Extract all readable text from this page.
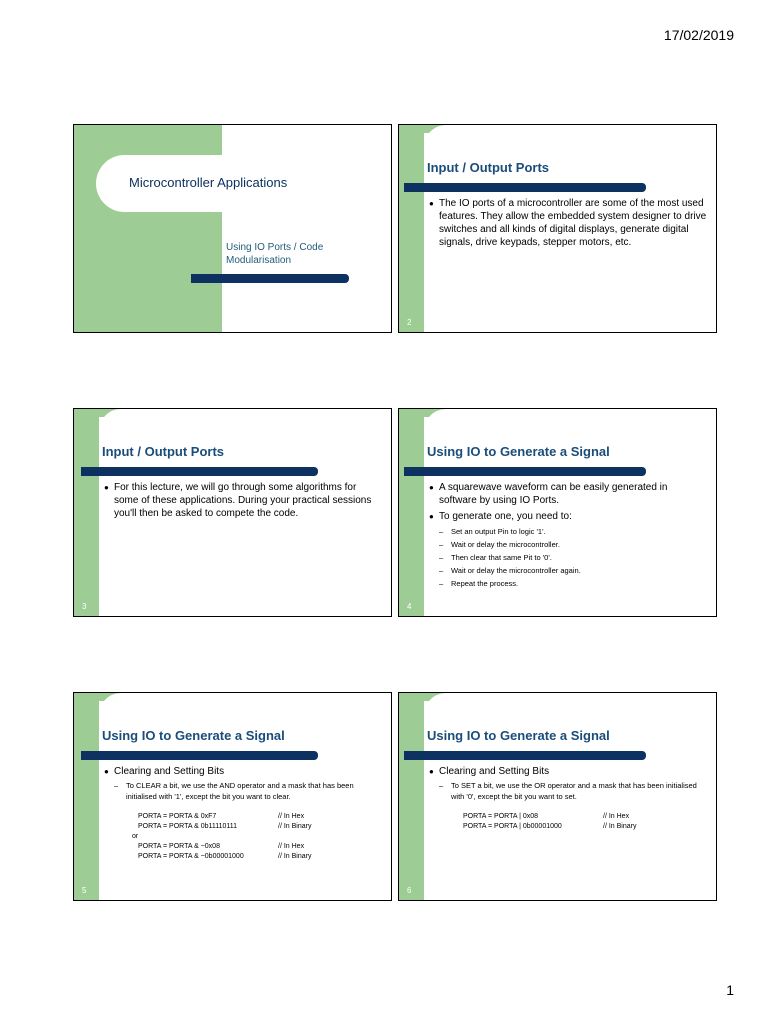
17/02/2019
Microcontroller Applications
Using IO Ports / Code
Modularisation
Input / Output Ports
● The IO ports of a microcontroller are some of the most used features. They allow the embedded system designer to drive switches and all kinds of digital displays, generate digital signals, drive keypads, stepper motors, etc.
2
Input / Output Ports
● For this lecture, we will go through some algorithms for some of these applications. During your practical sessions you'll then be asked to compete the code.
3
Using IO to Generate a Signal
● A squarewave waveform can be easily generated in software by using IO Ports.
● To generate one, you need to:
– Set an output Pin to logic '1'.
– Wait or delay the microcontroller.
– Then clear that same Pit to '0'.
– Wait or delay the microcontroller again.
– Repeat the process.
4
Using IO to Generate a Signal
● Clearing and Setting Bits
– To CLEAR a bit, we use the AND operator and a mask that has been initialised with '1', except the bit you want to clear.
PORTA = PORTA & 0xF7	// In Hex
PORTA = PORTA & 0b11110111	// In Binary
or
PORTA = PORTA & ~0x08	// In Hex
PORTA = PORTA & ~0b00001000	// In Binary
5
Using IO to Generate a Signal
● Clearing and Setting Bits
– To SET a bit, we use the OR operator and a mask that has been initialised with '0', except the bit you want to set.
PORTA = PORTA | 0x08	// In Hex
PORTA = PORTA | 0b00001000	// In Binary
6
1
